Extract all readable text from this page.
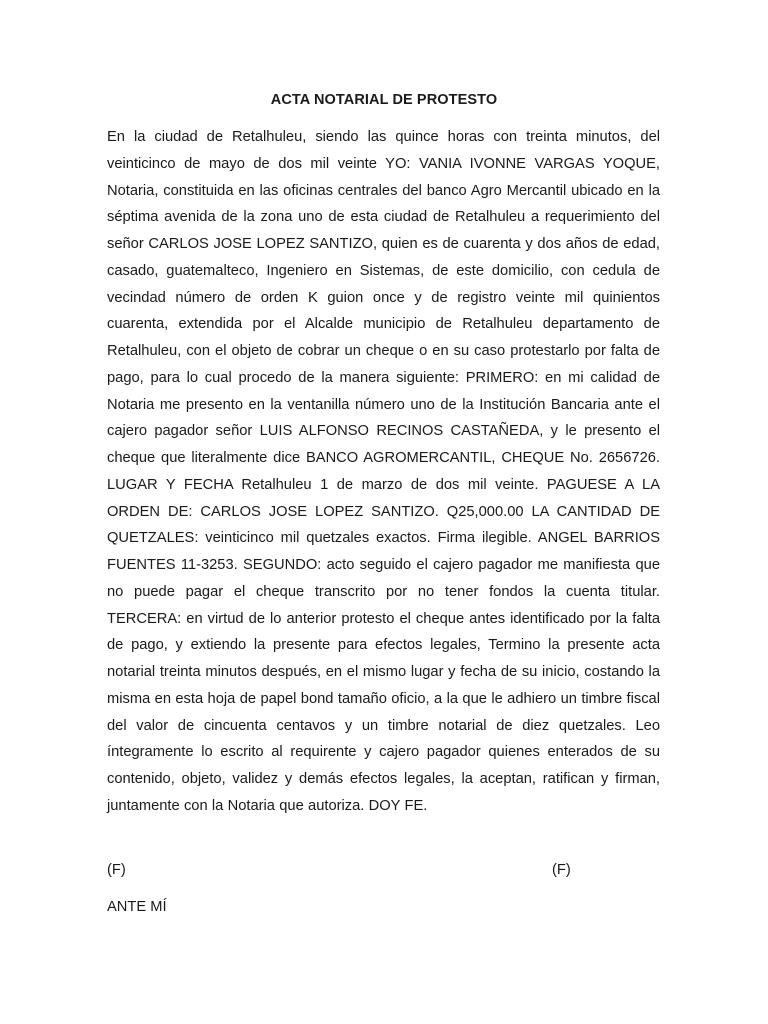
ACTA NOTARIAL DE PROTESTO

En la ciudad de Retalhuleu, siendo las quince horas con treinta minutos, del veinticinco de mayo de dos mil veinte YO: VANIA IVONNE VARGAS YOQUE, Notaria, constituida en las oficinas centrales del banco Agro Mercantil ubicado en la séptima avenida de la zona uno de esta ciudad de Retalhuleu a requerimiento del señor CARLOS JOSE LOPEZ SANTIZO, quien es de cuarenta y dos años de edad, casado, guatemalteco, Ingeniero en Sistemas, de este domicilio, con cedula de vecindad número de orden K guion once y de registro veinte mil quinientos cuarenta, extendida por el Alcalde municipio de Retalhuleu departamento de Retalhuleu, con el objeto de cobrar un cheque o en su caso protestarlo por falta de pago, para lo cual procedo de la manera siguiente: PRIMERO: en mi calidad de Notaria me presento en la ventanilla número uno de la Institución Bancaria ante el cajero pagador señor LUIS ALFONSO RECINOS CASTAÑEDA, y le presento el cheque que literalmente dice BANCO AGROMERCANTIL, CHEQUE No. 2656726. LUGAR Y FECHA Retalhuleu 1 de marzo de dos mil veinte. PAGUESE A LA ORDEN DE: CARLOS JOSE LOPEZ SANTIZO. Q25,000.00 LA CANTIDAD DE QUETZALES: veinticinco mil quetzales exactos. Firma ilegible. ANGEL BARRIOS FUENTES 11-3253. SEGUNDO: acto seguido el cajero pagador me manifiesta que no puede pagar el cheque transcrito por no tener fondos la cuenta titular. TERCERA: en virtud de lo anterior protesto el cheque antes identificado por la falta de pago, y extiendo la presente para efectos legales, Termino la presente acta notarial treinta minutos después, en el mismo lugar y fecha de su inicio, costando la misma en esta hoja de papel bond tamaño oficio, a la que le adhiero un timbre fiscal del valor de cincuenta centavos y un timbre notarial de diez quetzales. Leo íntegramente lo escrito al requirente y cajero pagador quienes enterados de su contenido, objeto, validez y demás efectos legales, la aceptan, ratifican y firman, juntamente con la Notaria que autoriza. DOY FE.

(F)	(F)

ANTE MÍ
